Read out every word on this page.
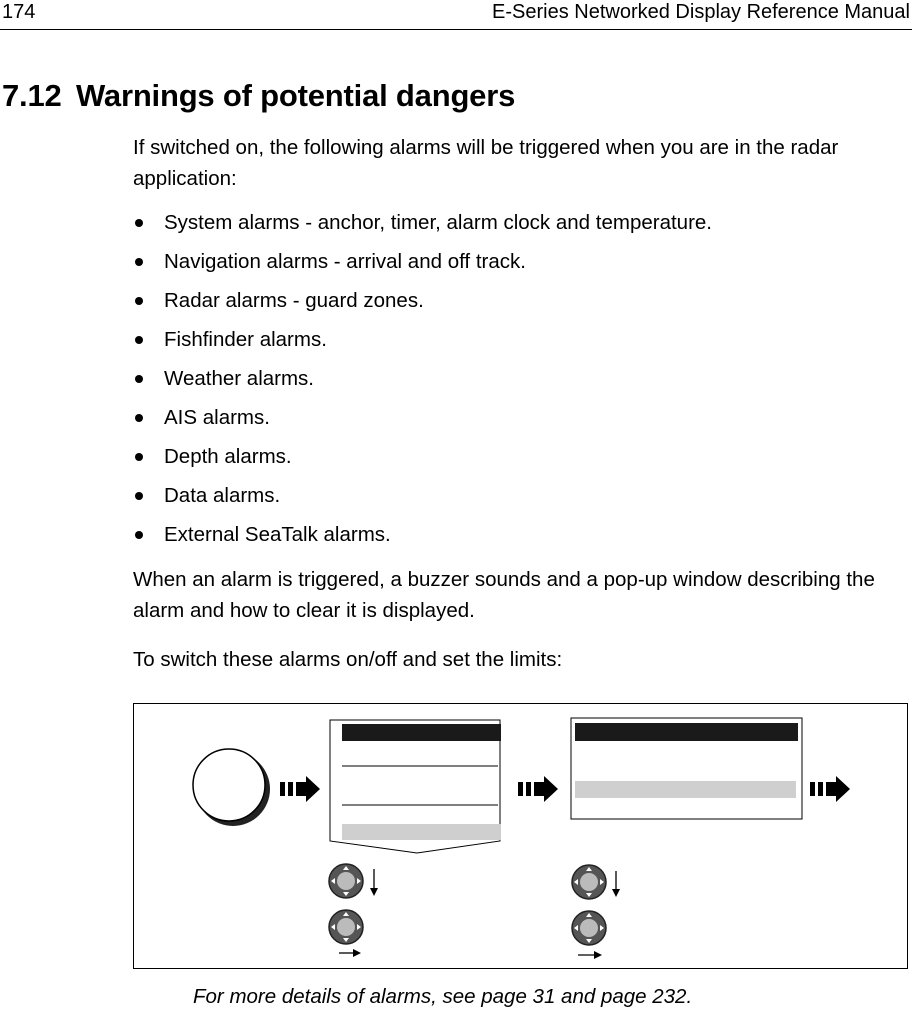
174	E-Series Networked Display Reference Manual
7.12 Warnings of potential dangers

If switched on, the following alarms will be triggered when you are in the radar application:

System alarms - anchor, timer, alarm clock and temperature.
Navigation alarms - arrival and off track.
Radar alarms - guard zones.
Fishfinder alarms.
Weather alarms.
AIS alarms.
Depth alarms.
Data alarms.
External SeaTalk alarms.

When an alarm is triggered, a buzzer sounds and a pop-up window describing the alarm and how to clear it is displayed.

To switch these alarms on/off and set the limits:

For more details of alarms, see page 31 and page 232.
